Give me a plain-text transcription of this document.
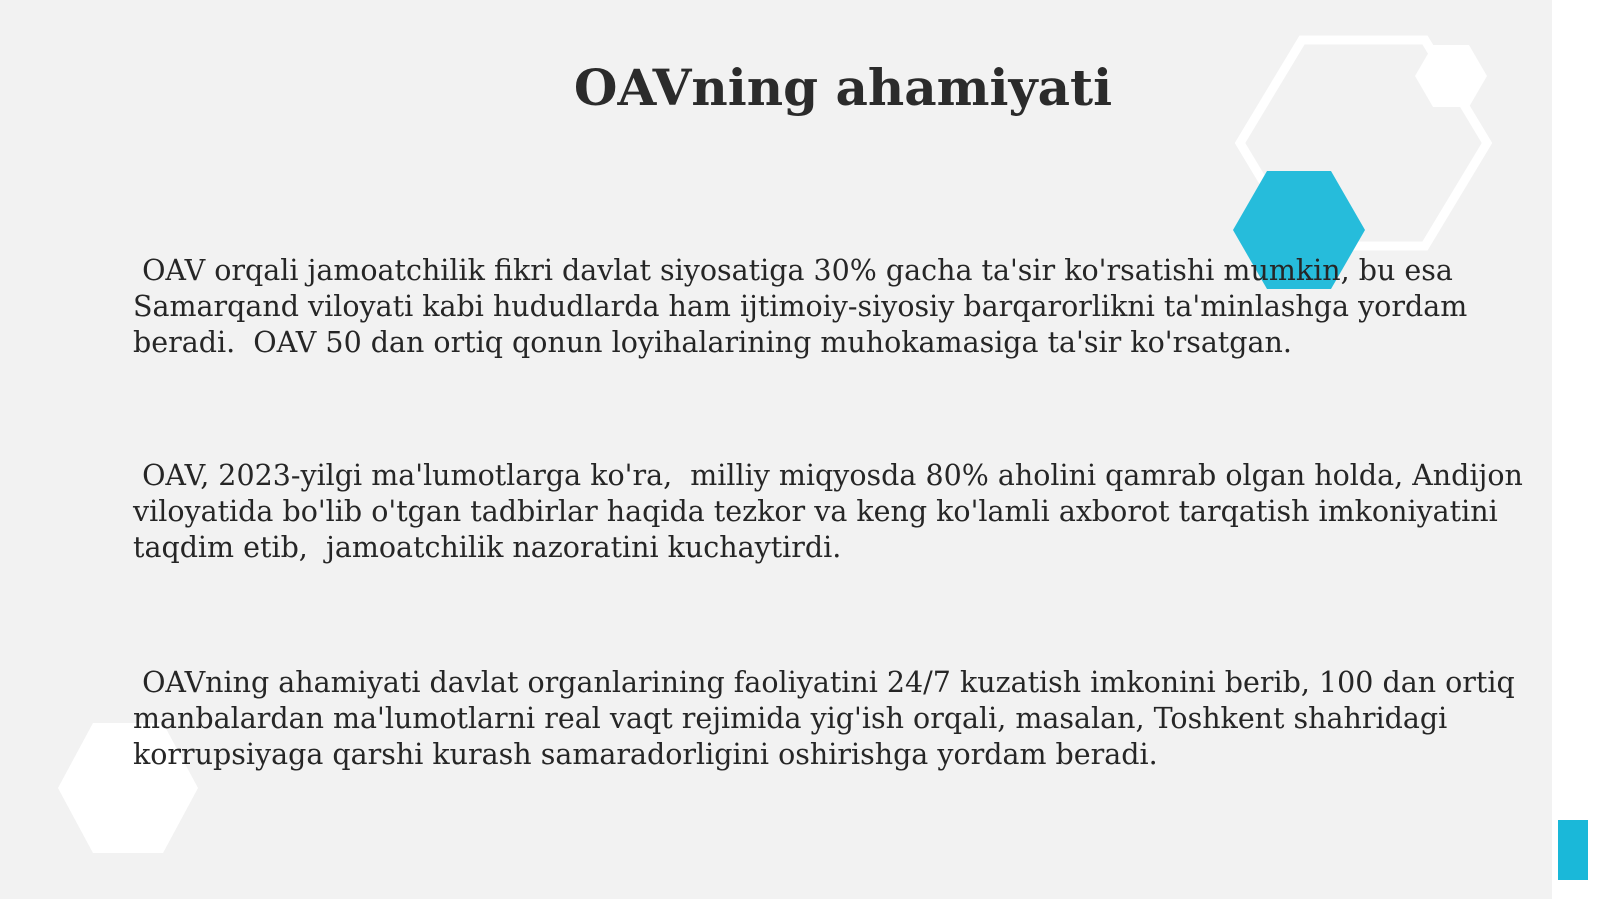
OAVning ahamiyati

OAV orqali jamoatchilik fikri davlat siyosatiga 30% gacha ta'sir ko'rsatishi mumkin, bu esa Samarqand viloyati kabi hududlarda ham ijtimoiy-siyosiy barqarorlikni ta'minlashga yordam beradi.  OAV 50 dan ortiq qonun loyihalarining muhokamasiga ta'sir ko'rsatgan.

OAV, 2023-yilgi ma'lumotlarga ko'ra,  milliy miqyosda 80% aholini qamrab olgan holda, Andijon viloyatida bo'lib o'tgan tadbirlar haqida tezkor va keng ko'lamli axborot tarqatish imkoniyatini taqdim etib,  jamoatchilik nazoratini kuchaytirdi.

OAVning ahamiyati davlat organlarining faoliyatini 24/7 kuzatish imkonini berib, 100 dan ortiq manbalardan ma'lumotlarni real vaqt rejimida yig'ish orqali, masalan, Toshkent shahridagi korrupsiyaga qarshi kurash samaradorligini oshirishga yordam beradi.
